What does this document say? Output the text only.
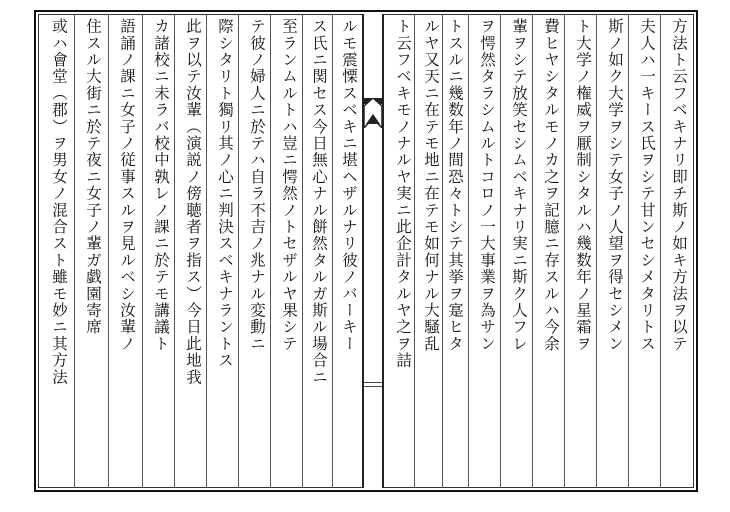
方法ト云フベキナリ即チ斯ノ如キ方法ヲ以テ
夫人ハ一キース氏ヲシテ甘ンセシメタリトス
斯ノ如ク大学ヲシテ女子ノ人望ヲ得セシメン
ト大学ノ権威ヲ厭制シタルハ幾数年ノ星霜ヲ
費ヒヤシタルモノカ之ヲ記臆ニ存スルハ今余
輩ヲシテ放笑セシムベキナリ実ニ斯ク人フレ
ヲ愕然タラシムルトコロノ一大事業ヲ為サン
トスルニ幾数年ノ間恐々トシテ其挙ヲ寔ヒタ
ルヤ又天ニ在テモ地ニ在テモ如何ナル大騒乱
ト云フベキモノナルヤ実ニ此企計タルヤ之ヲ詰
ルモ震慄スベキニ堪ヘザルナリ彼ノバーキー
ス氏ニ関セス今日無心ナル餅然タルガ斯ル場合ニ
至ランムルトハ豈ニ愕然ノトセザルヤ果シテ
テ彼ノ婦人ニ於テハ自ラ不吉ノ兆ナル変動ニ
際シタリト獨リ其ノ心ニ判決スベキナラントス
此ヲ以テ汝輩（演説ノ傍聴者ヲ指ス）今日此地我
カ諸校ニ未ラバ校中孰レノ課ニ於テモ講議ト
語誦ノ課ニ女子ノ従事スルヲ見ルベシ汝輩ノ
住スル大街ニ於テ夜ニ女子ノ輩ガ戯園寄席
或ハ會堂（郡）ヲ男女ノ混合スト雖モ妙ニ其方法
